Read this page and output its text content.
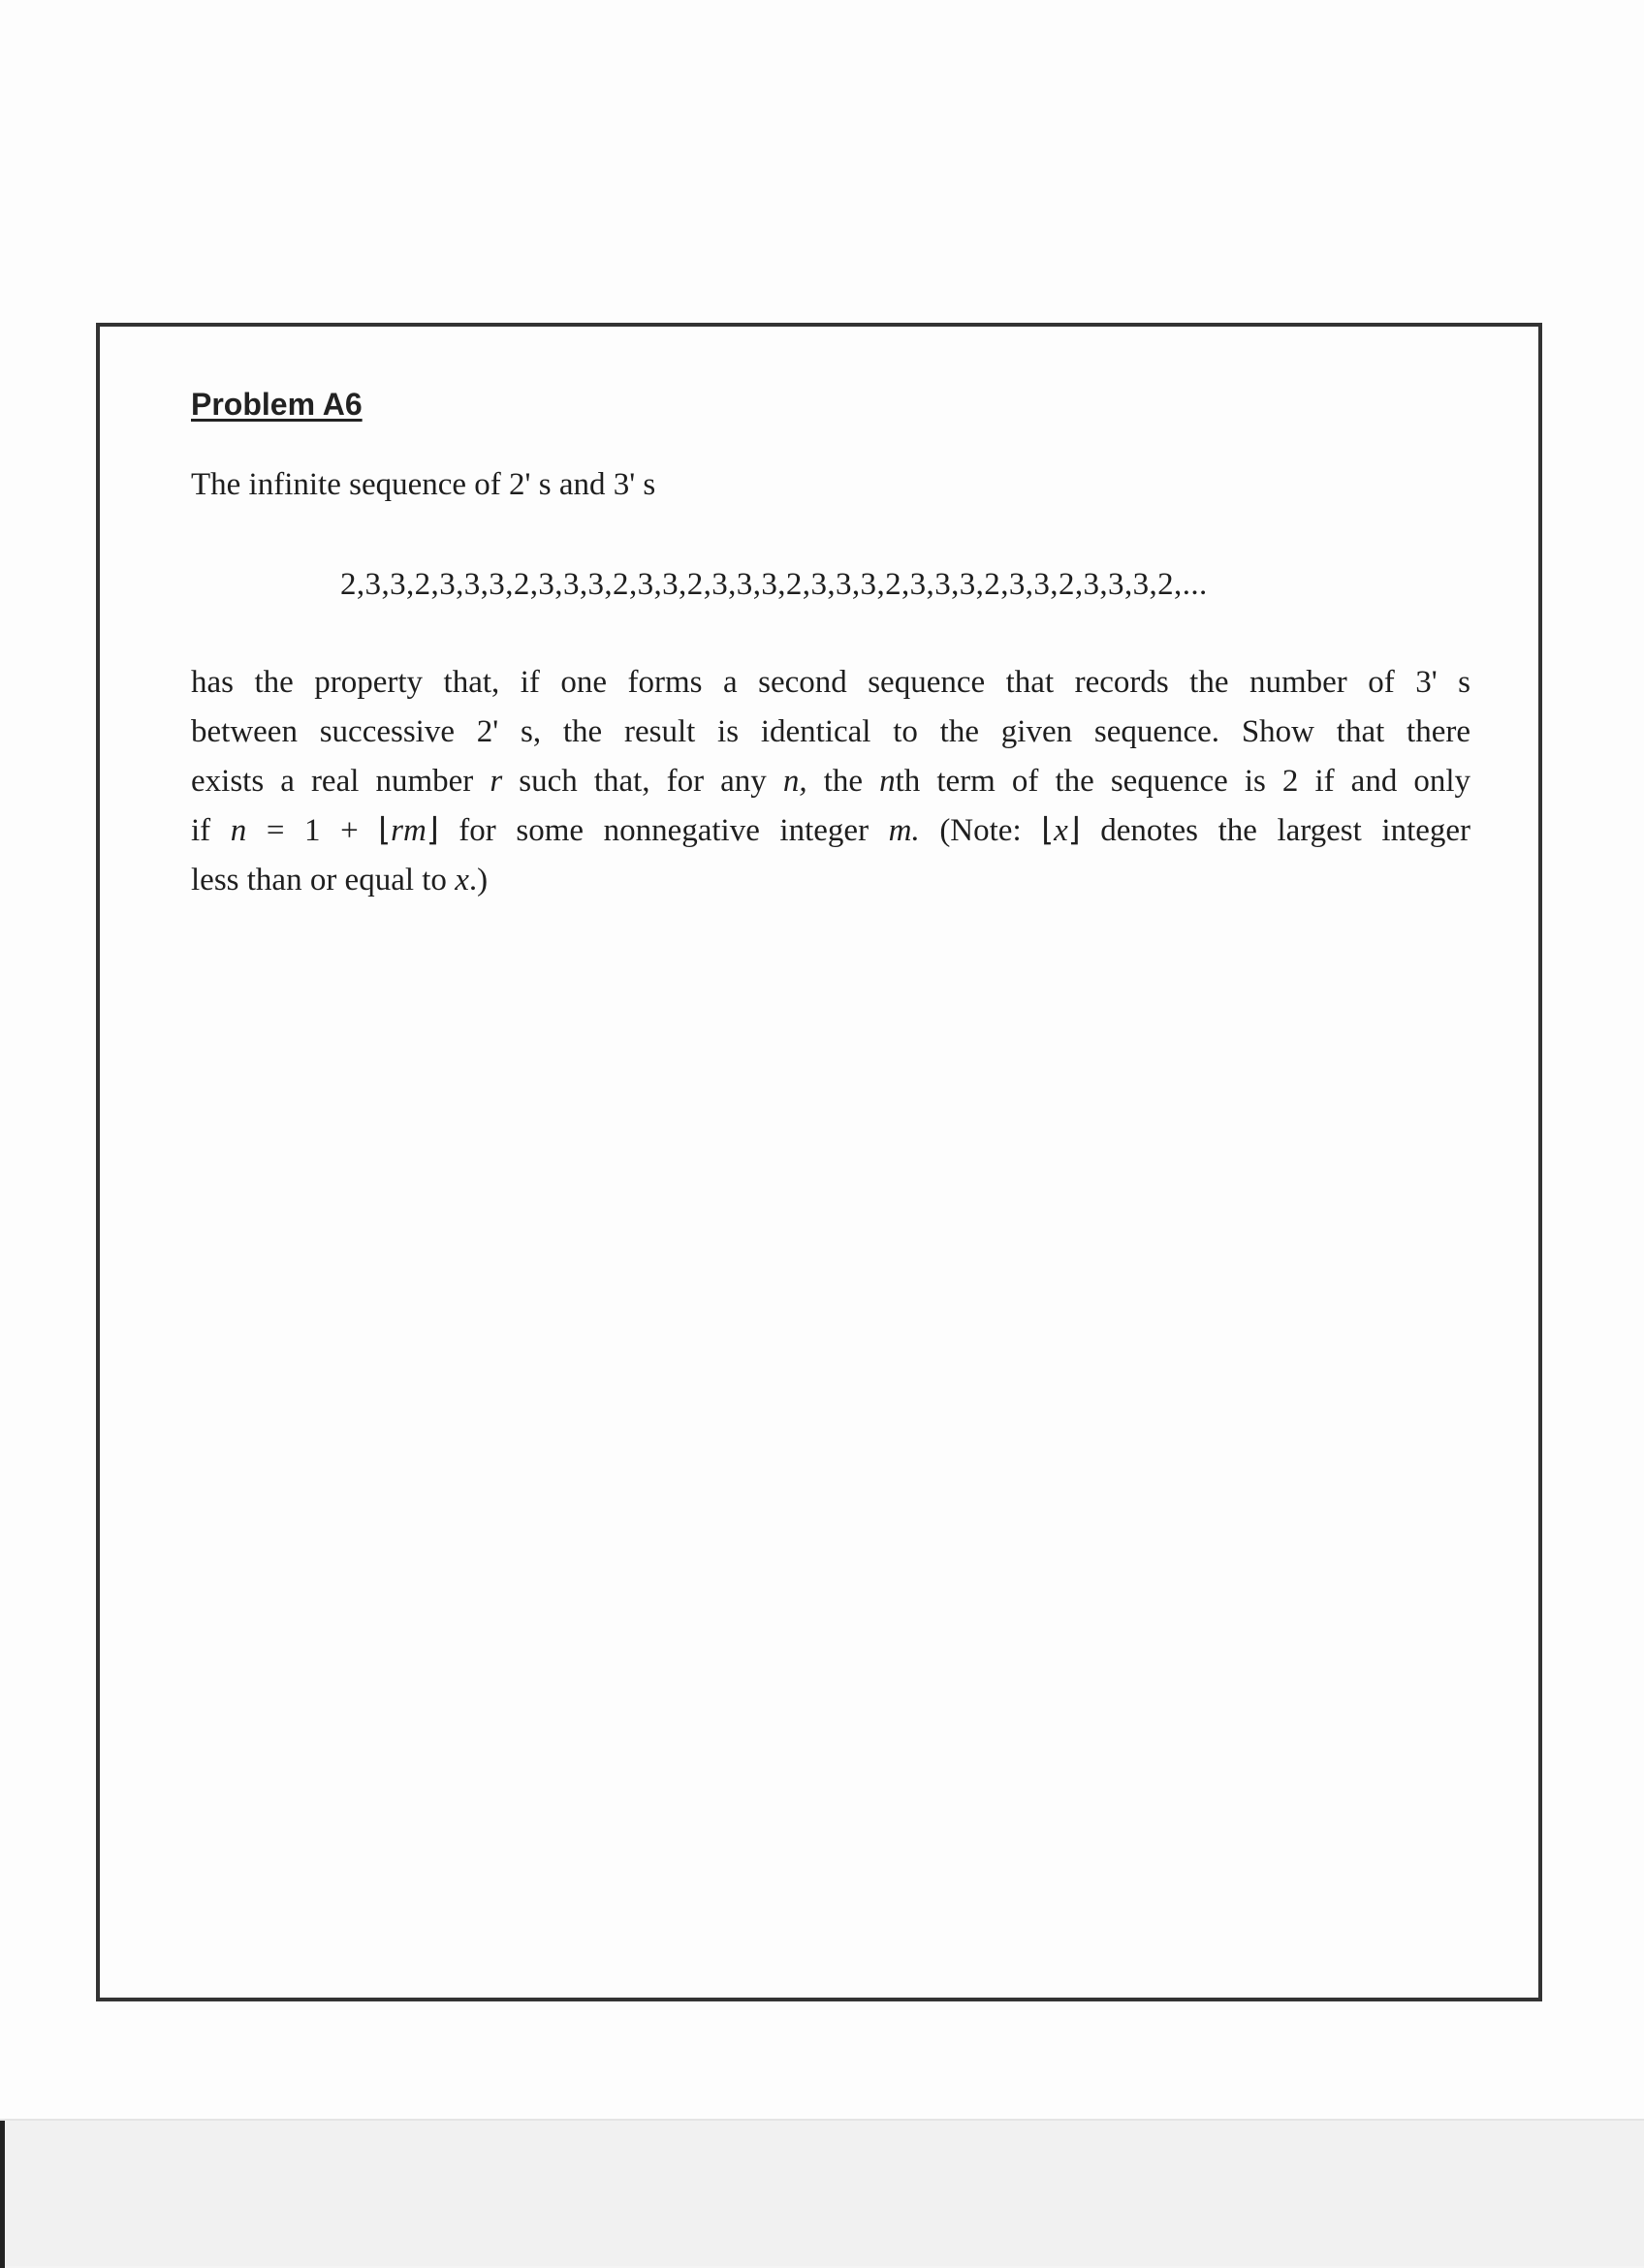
Problem A6

The infinite sequence of 2' s and 3' s

2,3,3,2,3,3,3,2,3,3,3,2,3,3,2,3,3,3,2,3,3,3,2,3,3,3,2,3,3,2,3,3,3,2,...

has the property that, if one forms a second sequence that records the number of 3' s
between successive 2' s, the result is identical to the given sequence. Show that there
exists a real number r such that, for any n, the nth term of the sequence is 2 if and only
if n = 1 + ⌊rm⌋ for some nonnegative integer m. (Note: ⌊x⌋ denotes the largest integer
less than or equal to x.)
